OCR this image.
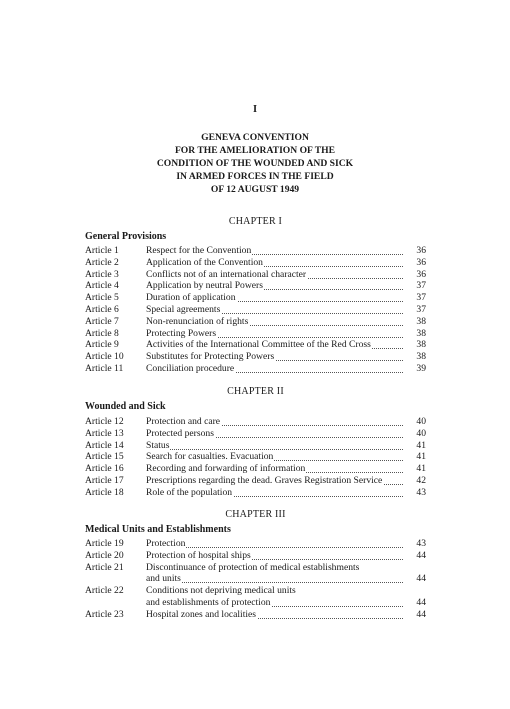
I
GENEVA CONVENTION
FOR THE AMELIORATION OF THE
CONDITION OF THE WOUNDED AND SICK
IN ARMED FORCES IN THE FIELD
OF 12 AUGUST 1949
CHAPTER I
General Provisions
Article 1	Respect for the Convention	36
Article 2	Application of the Convention	36
Article 3	Conflicts not of an international character	36
Article 4	Application by neutral Powers	37
Article 5	Duration of application	37
Article 6	Special agreements	37
Article 7	Non-renunciation of rights	38
Article 8	Protecting Powers	38
Article 9	Activities of the International Committee of the Red Cross	38
Article 10 Substitutes for Protecting Powers	38
Article 11 Conciliation procedure	39
CHAPTER II
Wounded and Sick
Article 12 Protection and care	40
Article 13 Protected persons	40
Article 14 Status	41
Article 15 Search for casualties. Evacuation	41
Article 16 Recording and forwarding of information	41
Article 17 Prescriptions regarding the dead. Graves Registration Service	42
Article 18 Role of the population	43
CHAPTER III
Medical Units and Establishments
Article 19 Protection	43
Article 20 Protection of hospital ships	44
Article 21 Discontinuance of protection of medical establishments
and units	44
Article 22 Conditions not depriving medical units
and establishments of protection	44
Article 23 Hospital zones and localities	44
